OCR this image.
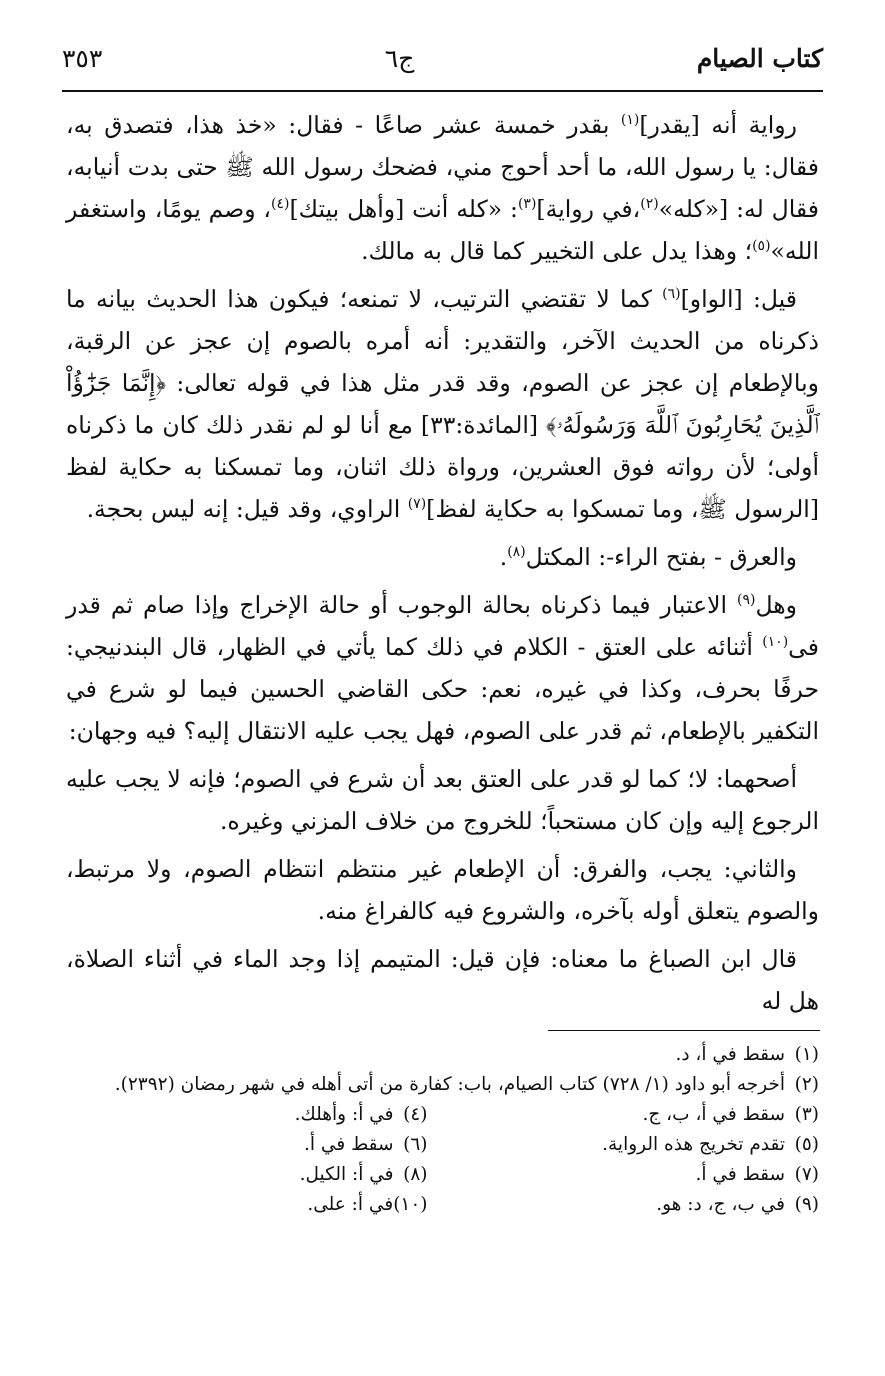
كتاب الصيام
ج٦
٣٥٣

رواية أنه [يقدر]$^{(١)}$ بقدر خمسة عشر صاعًا - فقال: «خذ هذا، فتصدق به، فقال: يا رسول الله، ما أحد أحوج مني، فضحك رسول الله ﷺ حتى بدت أنيابه، فقال له: [«كله»$^{(٢)}$،في رواية]$^{(٣)}$: «كله أنت [وأهل بيتك]$^{(٤)}$، وصم يومًا، واستغفر الله»$^{(٥)}$؛ وهذا يدل على التخيير كما قال به مالك.

قيل: [الواو]$^{(٦)}$ كما لا تقتضي الترتيب، لا تمنعه؛ فيكون هذا الحديث بيانه ما ذكرناه من الحديث الآخر، والتقدير: أنه أمره بالصوم إن عجز عن الرقبة، وبالإطعام إن عجز عن الصوم، وقد قدر مثل هذا في قوله تعالى: ﴿إِنَّمَا جَزَٰٓؤُاْ ٱلَّذِينَ يُحَارِبُونَ ٱللَّهَ وَرَسُولَهُۥ﴾ [المائدة:٣٣] مع أنا لو لم نقدر ذلك كان ما ذكرناه أولى؛ لأن رواته فوق العشرين، ورواة ذلك اثنان، وما تمسكنا به حكاية لفظ [الرسول ﷺ، وما تمسكوا به حكاية لفظ]$^{(٧)}$ الراوي، وقد قيل: إنه ليس بحجة.

والعرق - بفتح الراء-: المكتل$^{(٨)}$.

وهل$^{(٩)}$ الاعتبار فيما ذكرناه بحالة الوجوب أو حالة الإخراج وإذا صام ثم قدر فى$^{(١٠)}$ أثنائه على العتق - الكلام في ذلك كما يأتي في الظهار، قال البندنيجي: حرفًا بحرف، وكذا في غيره، نعم: حكى القاضي الحسين فيما لو شرع في التكفير بالإطعام، ثم قدر على الصوم، فهل يجب عليه الانتقال إليه؟ فيه وجهان:

أصحهما: لا؛ كما لو قدر على العتق بعد أن شرع في الصوم؛ فإنه لا يجب عليه الرجوع إليه وإن كان مستحباً؛ للخروج من خلاف المزني وغيره.

والثاني: يجب، والفرق: أن الإطعام غير منتظم انتظام الصوم، ولا مرتبط، والصوم يتعلق أوله بآخره، والشروع فيه كالفراغ منه.

قال ابن الصباغ ما معناه: فإن قيل: المتيمم إذا وجد الماء في أثناء الصلاة، هل له

(١)
سقط في أ، د.
(٢)
أخرجه أبو داود (١/ ٧٢٨) كتاب الصيام، باب: كفارة من أتى أهله في شهر رمضان (٢٣٩٢).
(٣)
سقط في أ، ب، ج.
(٤)
في أ: وأهلك.
(٥)
تقدم تخريج هذه الرواية.
(٦)
سقط في أ.
(٧)
سقط في أ.
(٨)
في أ: الكيل.
(٩)
في ب، ج، د: هو.
(١٠)
في أ: على.
